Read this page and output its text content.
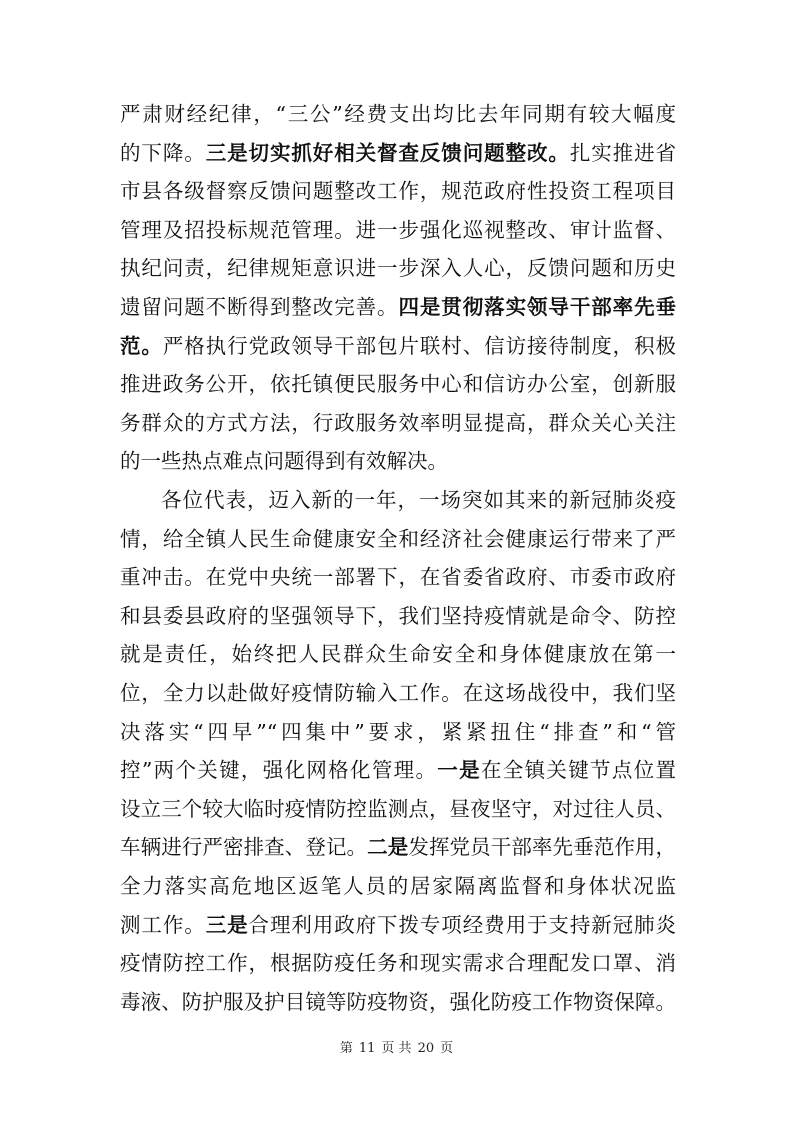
严肃财经纪律，“三公”经费支出均比去年同期有较大幅度
的下降。三是切实抓好相关督查反馈问题整改。扎实推进省
市县各级督察反馈问题整改工作，规范政府性投资工程项目
管理及招投标规范管理。进一步强化巡视整改、审计监督、
执纪问责，纪律规矩意识进一步深入人心，反馈问题和历史
遗留问题不断得到整改完善。四是贯彻落实领导干部率先垂
范。严格执行党政领导干部包片联村、信访接待制度，积极
推进政务公开，依托镇便民服务中心和信访办公室，创新服
务群众的方式方法，行政服务效率明显提高，群众关心关注
的一些热点难点问题得到有效解决。
各位代表，迈入新的一年，一场突如其来的新冠肺炎疫
情，给全镇人民生命健康安全和经济社会健康运行带来了严
重冲击。在党中央统一部署下，在省委省政府、市委市政府
和县委县政府的坚强领导下，我们坚持疫情就是命令、防控
就是责任，始终把人民群众生命安全和身体健康放在第一
位，全力以赴做好疫情防输入工作。在这场战役中，我们坚
决落实“四早”“四集中”要求，紧紧扭住“排查”和“管
控”两个关键，强化网格化管理。一是在全镇关键节点位置
设立三个较大临时疫情防控监测点，昼夜坚守，对过往人员、
车辆进行严密排查、登记。二是发挥党员干部率先垂范作用，
全力落实高危地区返笔人员的居家隔离监督和身体状况监
测工作。三是合理利用政府下拨专项经费用于支持新冠肺炎
疫情防控工作，根据防疫任务和现实需求合理配发口罩、消
毒液、防护服及护目镜等防疫物资，强化防疫工作物资保障。
第 11 页 共 20 页
